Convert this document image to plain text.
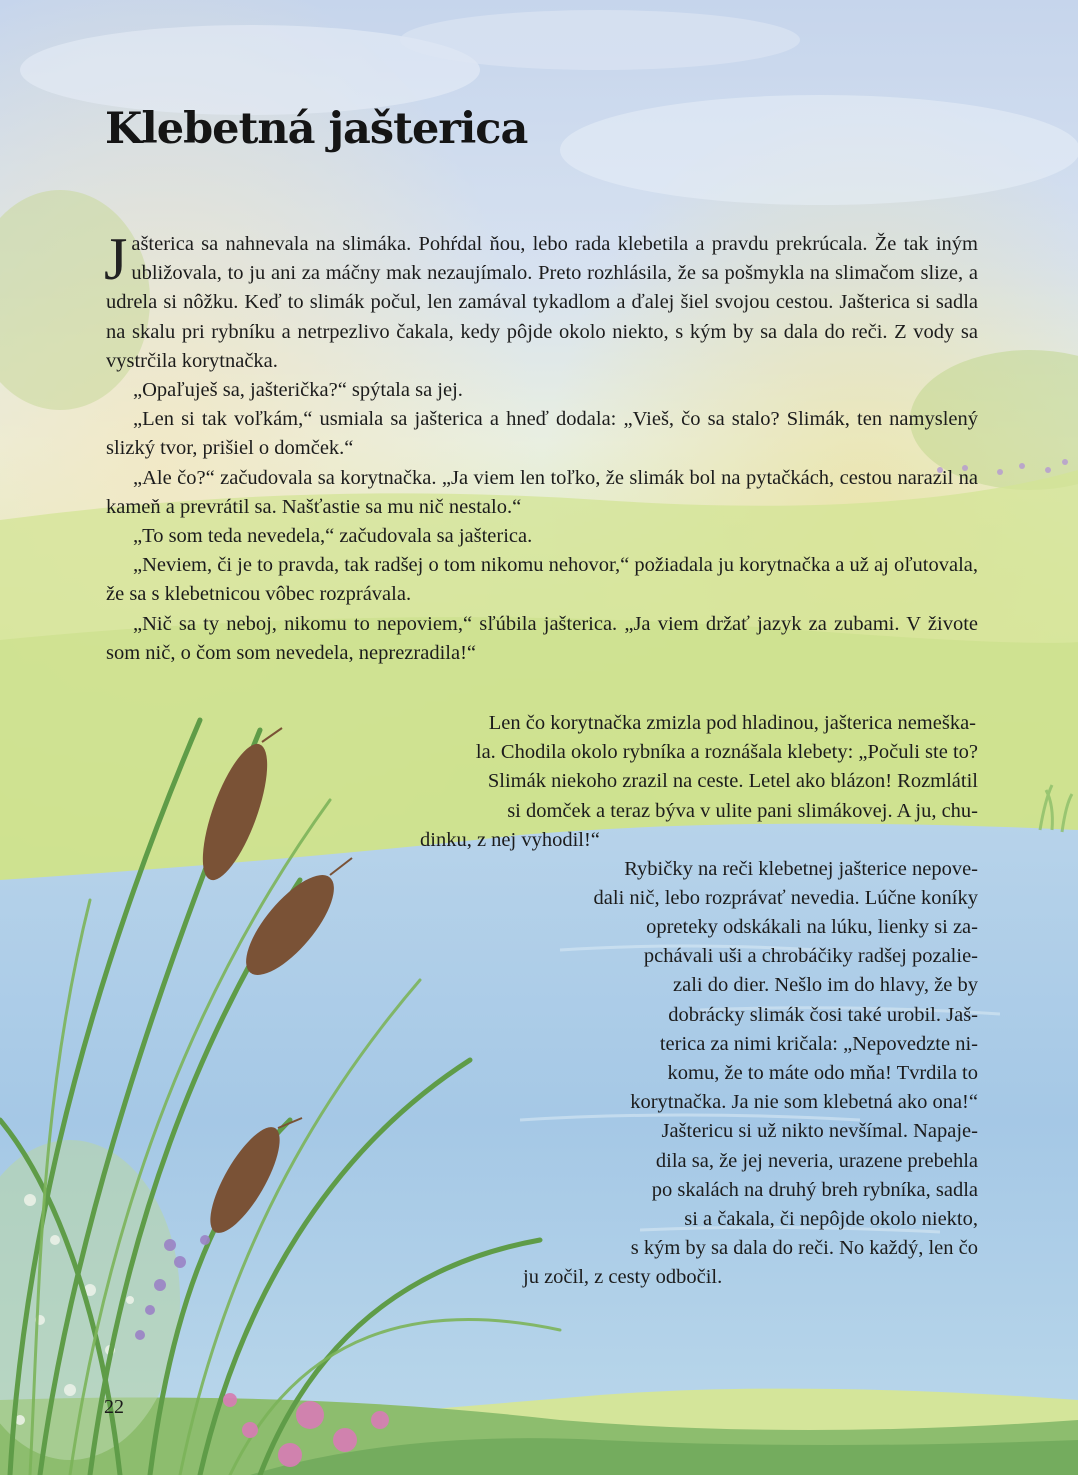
Klebetná jašterica

Jašterica sa nahnevala na slimáka. Pohŕdal ňou, lebo rada klebetila a pravdu prekrúcala. Že tak iným ubližovala, to ju ani za máčny mak nezaujímalo. Preto rozhlásila, že sa pošmykla na slimačom slize, a udrela si nôžku. Keď to slimák počul, len zamával tykadlom a ďalej šiel svojou cestou. Jašterica si sadla na skalu pri rybníku a netrpezlivo čakala, kedy pôjde okolo niekto, s kým by sa dala do reči. Z vody sa vystrčila korytnačka.

„Opaľuješ sa, jašterička?“ spýtala sa jej.

„Len si tak voľkám,“ usmiala sa jašterica a hneď dodala: „Vieš, čo sa stalo? Slimák, ten namyslený slizký tvor, prišiel o domček.“

„Ale čo?“ začudovala sa korytnačka. „Ja viem len toľko, že slimák bol na pytačkách, cestou narazil na kameň a prevrátil sa. Našťastie sa mu nič nestalo.“

„To som teda nevedela,“ začudovala sa jašterica.

„Neviem, či je to pravda, tak radšej o tom nikomu nehovor,“ požiadala ju korytnačka a už aj oľutovala, že sa s klebetnicou vôbec rozprávala.

„Nič sa ty neboj, nikomu to nepoviem,“ sľúbila jašterica. „Ja viem držať jazyk za zubami. V živote som nič, o čom som nevedela, neprezradila!“

Len čo korytnačka zmizla pod hladinou, jašterica nemeška-
la. Chodila okolo rybníka a roznášala klebety: „Počuli ste to?
Slimák niekoho zrazil na ceste. Letel ako blázon! Rozmlátil
si domček a teraz býva v ulite pani slimákovej. A ju, chu-
dinku, z nej vyhodil!“
Rybičky na reči klebetnej jašterice nepove-
dali nič, lebo rozprávať nevedia. Lúčne koníky
opreteky odskákali na lúku, lienky si za-
pchávali uši a chrobáčiky radšej pozalie-
zali do dier. Nešlo im do hlavy, že by
dobrácky slimák čosi také urobil. Jaš-
terica za nimi kričala: „Nepovedzte ni-
komu, že to máte odo mňa! Tvrdila to
korytnačka. Ja nie som klebetná ako ona!“
Jaštericu si už nikto nevšímal. Napaje-
dila sa, že jej neveria, urazene prebehla
po skalách na druhý breh rybníka, sadla
si a čakala, či nepôjde okolo niekto,
s kým by sa dala do reči. No každý, len čo
ju zočil, z cesty odbočil.
22
